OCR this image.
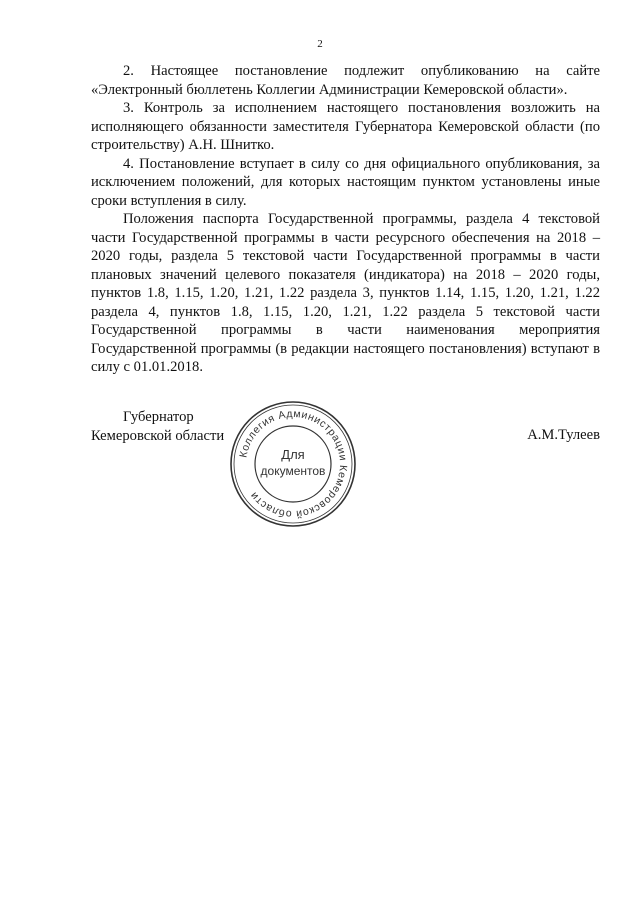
2

2. Настоящее постановление подлежит опубликованию на сайте «Электронный бюллетень Коллегии Администрации Кемеровской области».

3. Контроль за исполнением настоящего постановления возложить на исполняющего обязанности заместителя Губернатора Кемеровской области (по строительству) А.Н. Шнитко.

4. Постановление вступает в силу со дня официального опубликования, за исключением положений, для которых настоящим пунктом установлены иные сроки вступления в силу.

Положения паспорта Государственной программы, раздела 4 текстовой части Государственной программы в части ресурсного обеспечения на 2018 – 2020 годы, раздела 5 текстовой части Государственной программы в части плановых значений целевого показателя (индикатора) на 2018 – 2020 годы, пунктов 1.8, 1.15, 1.20, 1.21, 1.22 раздела 3, пунктов 1.14, 1.15, 1.20, 1.21, 1.22 раздела 4, пунктов 1.8, 1.15, 1.20, 1.21, 1.22 раздела 5 текстовой части Государственной программы в части наименования мероприятия Государственной программы (в редакции настоящего постановления) вступают в силу с 01.01.2018.

Губернатор
Кемеровской области	А.М.Тулеев
Коллегия Администрации Кемеровской области
Для
документов
